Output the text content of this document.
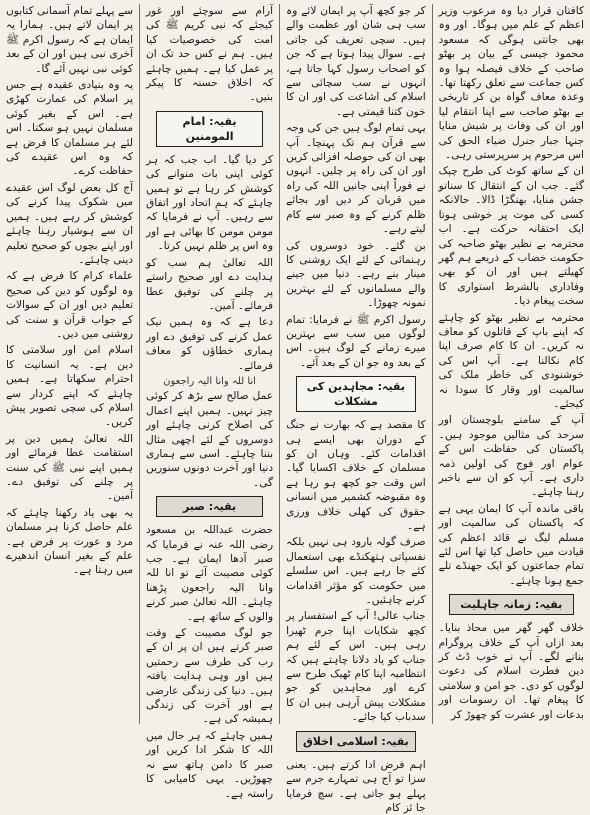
کافتان قرار دیا وہ مرعوب وزیر اعظم کے علم میں ہوگا۔ اور وہ بھی جانتی ہوگی کہ مسعود محمود جیسی کے بیان پر بھٹو صاحب کے خلاف فیصلہ ہوا وہ کس جماعت سے تعلق رکھتا تھا۔ وعدہ معاف گواہ بن کر تاریخی بے بھٹو صاحب سے اپنا انتقام لیا اور ان کی وفات پر شیش منایا جنہا جبار جنرل ضیاء الحق کی اس مرحوم پر سرپرستی رہی۔

ان کے ساتھ کوٹ کی طرح چپک گئے۔ جب ان کے انتقال کا سناتو جشن منایا، بھنگڑا ڈالا۔ حالانکہ کسی کی موت پر خوشی ہوتا ایک احتقانہ حرکت ہے۔ اب محترمہ بے نظیر بھٹو صاحبہ کی حکومت خضاب کے ذریعے ہم گھر کھیلتے ہیں اور ان کو بھی وفاداری بالشرط استواری کا سخت پیغام دیا۔

محترمہ بے نظیر بھٹو کو چاہئے کہ اپنے باپ کے قاتلوں کو معاف نہ کریں۔ ان کا کام صرف اپنا کام نکالنا ہے۔ آپ اس کی خوشنودی کی خاطر ملک کی سالمیت اور وقار کا سودا نہ کیجئے۔

آپ کے سامنے بلوچستان اور سرحد کی مثالیں موجود ہیں۔ پاکستان کی حفاظت اس کے عوام اور فوج کی اولین ذمہ داری ہے۔ آپ کو ان سے باخبر رہنا چاہئے۔

باقی ماندہ آپ کا ایمان یہی ہے کہ پاکستان کی سالمیت اور مسلم لیگ نے قائد اعظم کی قیادت میں حاصل کیا تھا اس لئے تمام جماعتوں کو ایک جھنڈے تلے جمع ہونا چاہئے۔

بقیہ: زمانہ جاہلیت

خلاف گھر گھر میں محاذ بنایا۔ بعد ازاں آپ کے خلاف پروگرام بنانے لگے۔ آپ نے خوب ڈٹ کر دین فطرت اسلام کی دعوت لوگوں کو دی۔ جو امن و سلامتی کا پیغام تھا۔ ان رسومات اور بدعات اور عشرت کو چھوڑ کر

کر جو کچھ آپ پر ایمان لائے وہ سب ہی شان اور عظمت والے ہیں۔ سچی تعریف کی جاتی ہے۔ سوال پیدا ہوتا ہے کہ جن کو اصحاب رسول کہا جاتا ہے، انہوں نے سب سچائی سے اسلام کی اشاعت کی اور ان کا خون کتنا قیمتی ہے۔

یہی تمام لوگ ہیں جن کی وجہ سے قرآن ہم تک پہنچا۔ آپ بھی ان کی حوصلہ افزائی کریں اور ان کی راہ پر چلیں۔ انہوں نے فوراً اپنی جانیں اللہ کی راہ میں قربان کر دیں اور بجائے ظلم کرنے کے وہ صبر سے کام لیتے رہے۔

بن گئے۔ خود دوسروں کی رہنمائی کے لئے ایک روشنی کا مینار بنے رہے۔ دنیا میں جینے والے مسلمانوں کے لئے بہترین نمونہ چھوڑا۔

رسول اکرم ﷺ نے فرمایا: تمام لوگوں میں سب سے بہترین میرے زمانے کے لوگ ہیں۔ اس کے بعد وہ جو ان کے بعد آئے۔

بقیہ: مجاہدین کی مشکلات

کا مقصد ہے کہ بھارت نے جنگ کے دوران بھی ایسے ہی اقدامات کئے۔ وہاں ان کو مسلمان کے خلاف اکسایا گیا۔ اس وقت جو کچھ ہو رہا ہے وہ مقبوضہ کشمیر میں انسانی حقوق کی کھلی خلاف ورزی ہے۔

صرف گولہ بارود ہی نہیں بلکہ نفسیاتی ہتھکنڈے بھی استعمال کئے جا رہے ہیں۔ اس سلسلے میں حکومت کو مؤثر اقدامات کرنے چاہئیں۔

جناب عالی! آپ کے استفسار پر کچھ شکایات اپنا جرم ٹھیرا رہی ہیں۔ اس کے لئے ہم جناب کو یاد دلانا چاہتے ہیں کہ انتظامیہ اپنا کام ٹھیک طرح سے کرے اور مجاہدین کو جو مشکلات پیش آرہی ہیں ان کا سدباب کیا جائے۔

بقیہ: اسلامی اخلاق

اہم فرض ادا کرتے ہیں۔ یعنی سزا تو آج ہی تمہارے جرم سے پہلے ہو جاتی ہے۔ سچ فرمایا جا ئز کام

آرام سے سوچئے اور غور کیجئے کہ نبی کریم ﷺ کی امت کی خصوصیات کیا ہیں۔ ہم نے کس حد تک ان پر عمل کیا ہے۔ ہمیں چاہئے کہ اخلاق حسنہ کا پیکر بنیں۔

بقیہ: امام المومنین

کر دیا گیا۔ اب جب کہ ہر کوئی اپنی بات منوانے کی کوشش کر رہا ہے تو ہمیں چاہئے کہ ہم اتحاد اور اتفاق سے رہیں۔ آپ نے فرمایا کہ مومن مومن کا بھائی ہے اور وہ اس پر ظلم نہیں کرتا۔

اللہ تعالیٰ ہم سب کو ہدایت دے اور صحیح راستے پر چلنے کی توفیق عطا فرمائے۔ آمین۔

دعا ہے کہ وہ ہمیں نیک عمل کرنے کی توفیق دے اور ہماری خطاؤں کو معاف فرمائے۔

انا للہ وانا الیہ راجعون

عمل صالح سے بڑھ کر کوئی چیز نہیں۔ ہمیں اپنے اعمال کی اصلاح کرنی چاہئے اور دوسروں کے لئے اچھی مثال بننا چاہئے۔ اسی سے ہماری دنیا اور آخرت دونوں سنوریں گی۔

بقیہ: صبر

حضرت عبداللہ بن مسعود رضی اللہ عنہ نے فرمایا کہ صبر آدھا ایمان ہے۔ جب کوئی مصیبت آئے تو انا للہ وانا الیہ راجعون پڑھنا چاہئے۔ اللہ تعالیٰ صبر کرنے والوں کے ساتھ ہے۔

جو لوگ مصیبت کے وقت صبر کرتے ہیں ان پر ان کے رب کی طرف سے رحمتیں ہیں اور وہی ہدایت یافتہ ہیں۔ دنیا کی زندگی عارضی ہے اور آخرت کی زندگی ہمیشہ کی ہے۔

ہمیں چاہئے کہ ہر حال میں اللہ کا شکر ادا کریں اور صبر کا دامن ہاتھ سے نہ چھوڑیں۔ یہی کامیابی کا راستہ ہے۔

سے پہلے تمام آسمانی کتابوں پر ایمان لاتے ہیں۔ ہمارا یہ ایمان ہے کہ رسول اکرم ﷺ آخری نبی ہیں اور ان کے بعد کوئی نبی نہیں آئے گا۔

یہ وہ بنیادی عقیدہ ہے جس پر اسلام کی عمارت کھڑی ہے۔ اس کے بغیر کوئی مسلمان نہیں ہو سکتا۔ اس لئے ہر مسلمان کا فرض ہے کہ وہ اس عقیدے کی حفاظت کرے۔

آج کل بعض لوگ اس عقیدے میں شکوک پیدا کرنے کی کوشش کر رہے ہیں۔ ہمیں ان سے ہوشیار رہنا چاہئے اور اپنے بچوں کو صحیح تعلیم دینی چاہئے۔

علماء کرام کا فرض ہے کہ وہ لوگوں کو دین کی صحیح تعلیم دیں اور ان کے سوالات کے جواب قرآن و سنت کی روشنی میں دیں۔

اسلام امن اور سلامتی کا دین ہے۔ یہ انسانیت کا احترام سکھاتا ہے۔ ہمیں چاہئے کہ اپنے کردار سے اسلام کی سچی تصویر پیش کریں۔

اللہ تعالیٰ ہمیں دین پر استقامت عطا فرمائے اور ہمیں اپنے نبی ﷺ کی سنت پر چلنے کی توفیق دے۔ آمین۔

یہ بھی یاد رکھنا چاہئے کہ علم حاصل کرنا ہر مسلمان مرد و عورت پر فرض ہے۔ علم کے بغیر انسان اندھیرے میں رہتا ہے۔
